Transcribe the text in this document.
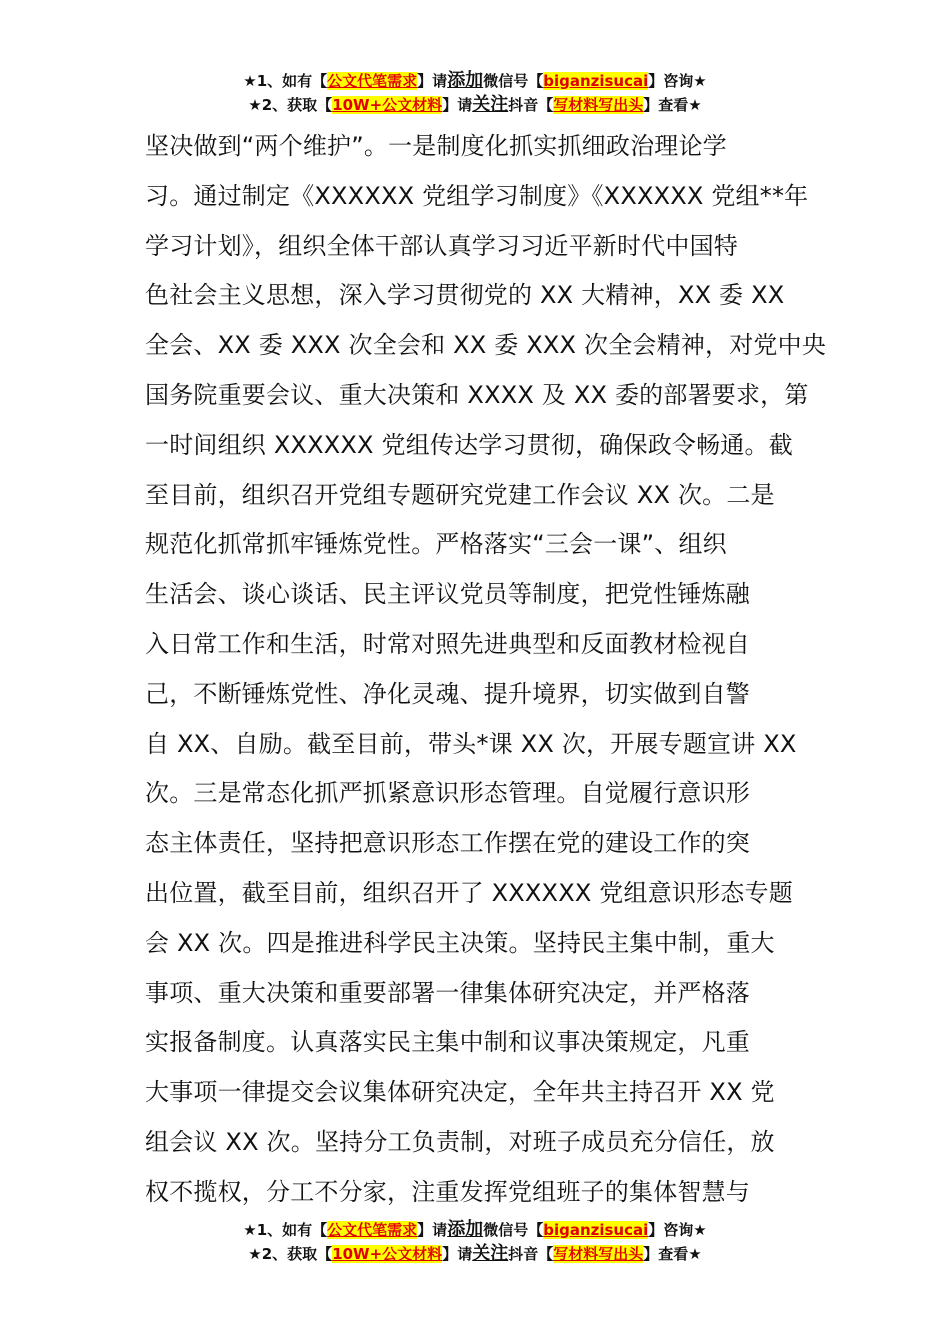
★1、如有【公文代笔需求】请添加微信号【biganzisucai】咨询★
★2、获取【10W+公文材料】请关注抖音【写材料写出头】查看★
坚决做到“两个维护”。一是制度化抓实抓细政治理论学
习。通过制定《XXXXXX 党组学习制度》《XXXXXX 党组**年
学习计划》，组织全体干部认真学习习近平新时代中国特
色社会主义思想，深入学习贯彻党的 XX 大精神，XX 委 XX
全会、XX 委 XXX 次全会和 XX 委 XXX 次全会精神，对党中央
国务院重要会议、重大决策和 XXXX 及 XX 委的部署要求，第
一时间组织 XXXXXX 党组传达学习贯彻，确保政令畅通。截
至目前，组织召开党组专题研究党建工作会议 XX 次。二是
规范化抓常抓牢锤炼党性。严格落实“三会一课”、组织
生活会、谈心谈话、民主评议党员等制度，把党性锤炼融
入日常工作和生活，时常对照先进典型和反面教材检视自
己，不断锤炼党性、净化灵魂、提升境界，切实做到自警
自 XX、自励。截至目前，带头*课 XX 次，开展专题宣讲 XX
次。三是常态化抓严抓紧意识形态管理。自觉履行意识形
态主体责任，坚持把意识形态工作摆在党的建设工作的突
出位置，截至目前，组织召开了 XXXXXX 党组意识形态专题
会 XX 次。四是推进科学民主决策。坚持民主集中制，重大
事项、重大决策和重要部署一律集体研究决定，并严格落
实报备制度。认真落实民主集中制和议事决策规定，凡重
大事项一律提交会议集体研究决定，全年共主持召开 XX 党
组会议 XX 次。坚持分工负责制，对班子成员充分信任，放
权不揽权，分工不分家，注重发挥党组班子的集体智慧与
★1、如有【公文代笔需求】请添加微信号【biganzisucai】咨询★
★2、获取【10W+公文材料】请关注抖音【写材料写出头】查看★
